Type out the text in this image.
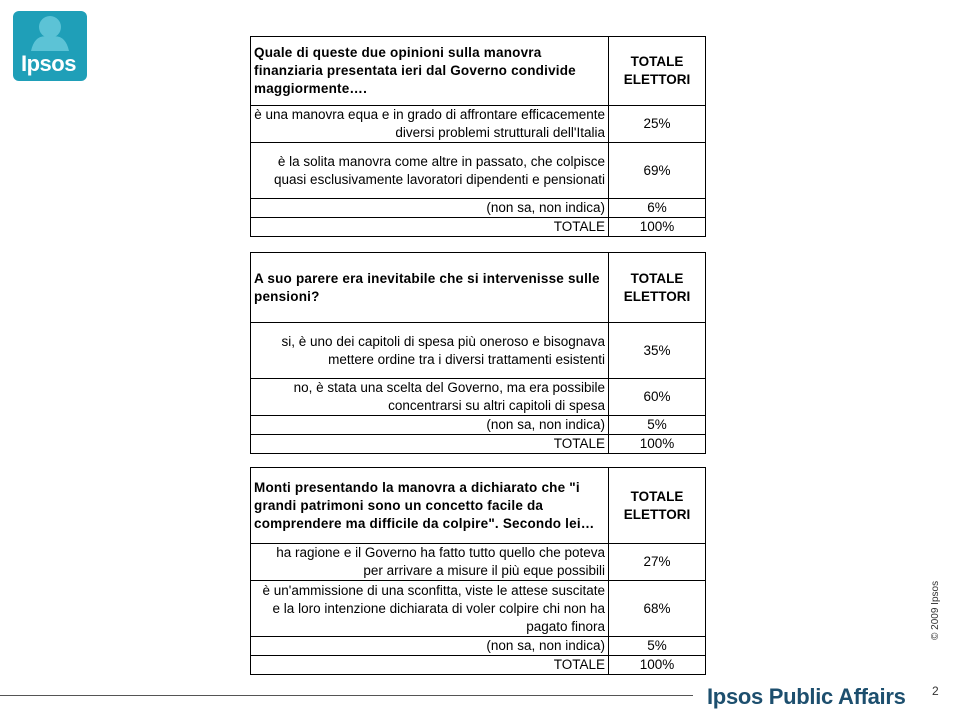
Ipsos	Quale di queste due opinioni sulla manovra finanziaria presentata ieri dal Governo condivide maggiormente….	TOTALE ELETTORI
è una manovra equa e in grado di affrontare efficacemente diversi problemi strutturali dell'Italia	25%
è la solita manovra come altre in passato, che colpisce quasi esclusivamente lavoratori dipendenti e pensionati	69%
(non sa, non indica)	6%
TOTALE	100%
A suo parere era inevitabile che si intervenisse sulle pensioni?	TOTALE ELETTORI
si, è uno dei capitoli di spesa più oneroso e bisognava mettere ordine tra i diversi trattamenti esistenti	35%
no, è stata una scelta del Governo, ma era possibile concentrarsi su altri capitoli di spesa	60%
(non sa, non indica)	5%
TOTALE	100%
Monti presentando la manovra a dichiarato che "i grandi patrimoni sono un concetto facile da comprendere ma difficile da colpire". Secondo lei…	TOTALE ELETTORI
ha ragione e il Governo ha fatto tutto quello che poteva per arrivare a misure il più eque possibili	27%
è un'ammissione di una sconfitta, viste le attese suscitate e la loro intenzione dichiarata di voler colpire chi non ha pagato finora	68%
(non sa, non indica)	5%
TOTALE	100%
© 2009 Ipsos
Ipsos Public Affairs 2
